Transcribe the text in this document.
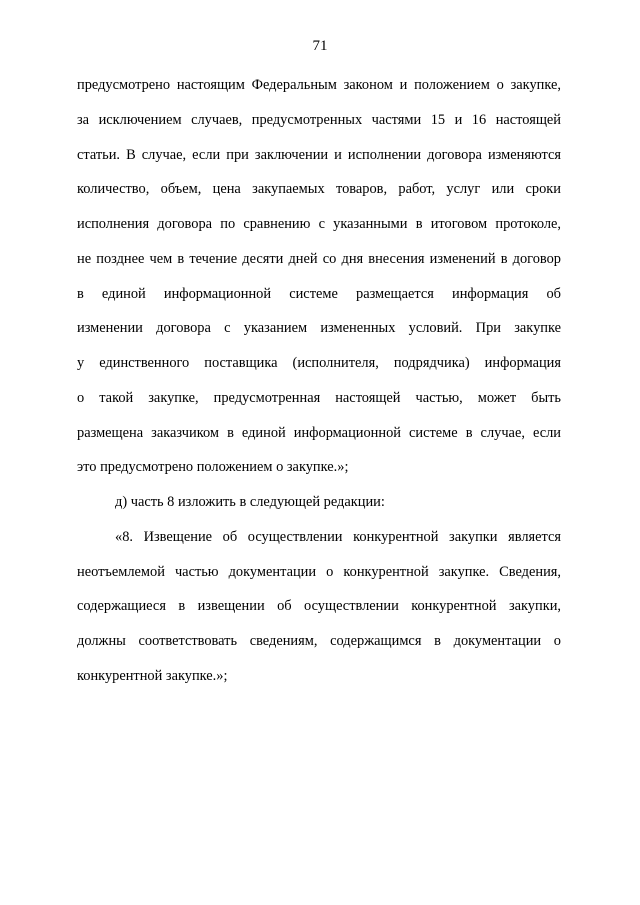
71
предусмотрено настоящим Федеральным законом и положением о закупке,
за исключением случаев, предусмотренных частями 15 и 16 настоящей
статьи. В случае, если при заключении и исполнении договора изменяются
количество, объем, цена закупаемых товаров, работ, услуг или сроки
исполнения договора по сравнению с указанными в итоговом протоколе,
не позднее чем в течение десяти дней со дня внесения изменений в договор
в единой информационной системе размещается информация об
изменении договора с указанием измененных условий. При закупке
у единственного поставщика (исполнителя, подрядчика) информация
о такой закупке, предусмотренная настоящей частью, может быть
размещена заказчиком в единой информационной системе в случае, если
это предусмотрено положением о закупке.»;
д) часть 8 изложить в следующей редакции:
«8. Извещение об осуществлении конкурентной закупки является
неотъемлемой частью документации о конкурентной закупке. Сведения,
содержащиеся в извещении об осуществлении конкурентной закупки,
должны соответствовать сведениям, содержащимся в документации о
конкурентной закупке.»;
